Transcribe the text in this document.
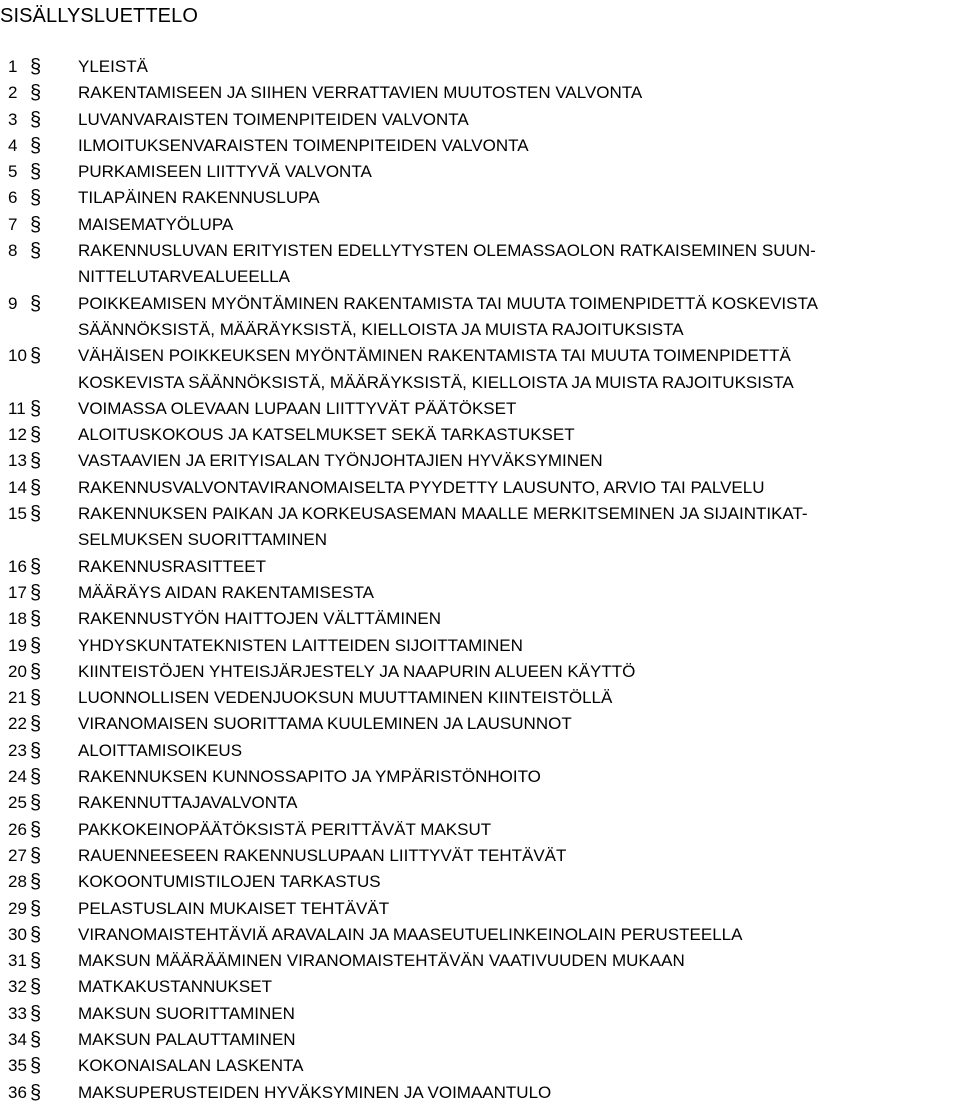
SISÄLLYSLUETTELO
1 § YLEISTÄ
2 § RAKENTAMISEEN JA SIIHEN VERRATTAVIEN MUUTOSTEN VALVONTA
3 § LUVANVARAISTEN TOIMENPITEIDEN VALVONTA
4 § ILMOITUKSENVARAISTEN TOIMENPITEIDEN VALVONTA
5 § PURKAMISEEN LIITTYVÄ VALVONTA
6 § TILAPÄINEN RAKENNUSLUPA
7 § MAISEMATYÖLUPA
8 § RAKENNUSLUVAN ERITYISTEN EDELLYTYSTEN OLEMASSAOLON RATKAISEMINEN SUUN-
NITTELUTARVEALUEELLA
9 § POIKKEAMISEN MYÖNTÄMINEN RAKENTAMISTA TAI MUUTA TOIMENPIDETTÄ KOSKEVISTA
SÄÄNNÖKSISTÄ, MÄÄRÄYKSISTÄ, KIELLOISTA JA MUISTA RAJOITUKSISTA
10 § VÄHÄISEN POIKKEUKSEN MYÖNTÄMINEN RAKENTAMISTA TAI MUUTA TOIMENPIDETTÄ
KOSKEVISTA SÄÄNNÖKSISTÄ, MÄÄRÄYKSISTÄ, KIELLOISTA JA MUISTA RAJOITUKSISTA
11 § VOIMASSA OLEVAAN LUPAAN LIITTYVÄT PÄÄTÖKSET
12 § ALOITUSKOKOUS JA KATSELMUKSET SEKÄ TARKASTUKSET
13 § VASTAAVIEN JA ERITYISALAN TYÖNJOHTAJIEN HYVÄKSYMINEN
14 § RAKENNUSVALVONTAVIRANOMAISELTA PYYDETTY LAUSUNTO, ARVIO TAI PALVELU
15 § RAKENNUKSEN PAIKAN JA KORKEUSASEMAN MAALLE MERKITSEMINEN JA SIJAINTIKAT-
SELMUKSEN SUORITTAMINEN
16 § RAKENNUSRASITTEET
17 § MÄÄRÄYS AIDAN RAKENTAMISESTA
18 § RAKENNUSTYÖN HAITTOJEN VÄLTTÄMINEN
19 § YHDYSKUNTATEKNISTEN LAITTEIDEN SIJOITTAMINEN
20 § KIINTEISTÖJEN YHTEISJÄRJESTELY JA NAAPURIN ALUEEN KÄYTTÖ
21 § LUONNOLLISEN VEDENJUOKSUN MUUTTAMINEN KIINTEISTÖLLÄ
22 § VIRANOMAISEN SUORITTAMA KUULEMINEN JA LAUSUNNOT
23 § ALOITTAMISOIKEUS
24 § RAKENNUKSEN KUNNOSSAPITO JA YMPÄRISTÖNHOITO
25 § RAKENNUTTAJAVALVONTA
26 § PAKKOKEINOPÄÄTÖKSISTÄ PERITTÄVÄT MAKSUT
27 § RAUENNEESEEN RAKENNUSLUPAAN LIITTYVÄT TEHTÄVÄT
28 § KOKOONTUMISTILOJEN TARKASTUS
29 § PELASTUSLAIN MUKAISET TEHTÄVÄT
30 § VIRANOMAISTEHTÄVIÄ ARAVALAIN JA MAASEUTUELINKEINOLAIN PERUSTEELLA
31 § MAKSUN MÄÄRÄÄMINEN VIRANOMAISTEHTÄVÄN VAATIVUUDEN MUKAAN
32 § MATKAKUSTANNUKSET
33 § MAKSUN SUORITTAMINEN
34 § MAKSUN PALAUTTAMINEN
35 § KOKONAISALAN LASKENTA
36 § MAKSUPERUSTEIDEN HYVÄKSYMINEN JA VOIMAANTULO
